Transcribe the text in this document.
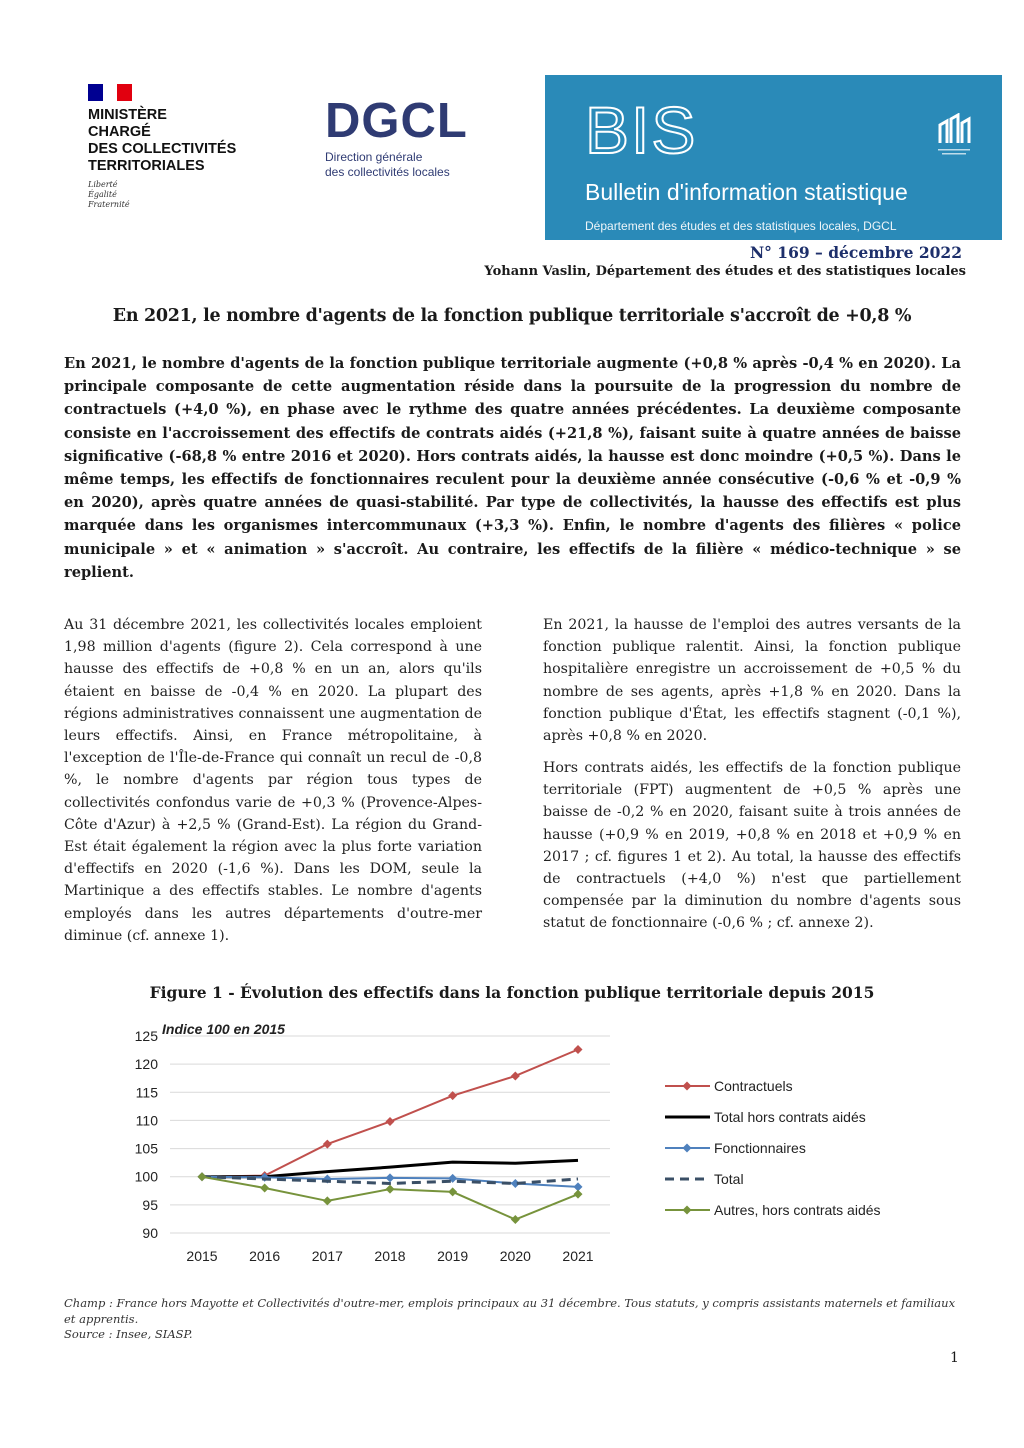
MINISTÈRE
CHARGÉ
DES COLLECTIVITÉS
TERRITORIALES
Liberté
Égalité
Fraternité
DGCL
Direction générale
des collectivités locales
BIS
Bulletin d'information statistique
Département des études et des statistiques locales, DGCL
N° 169 – décembre 2022
Yohann Vaslin, Département des études et des statistiques locales
En 2021, le nombre d'agents de la fonction publique territoriale s'accroît de +0,8 %

En 2021, le nombre d'agents de la fonction publique territoriale augmente (+0,8 % après -0,4 % en 2020). La principale composante de cette augmentation réside dans la poursuite de la progression du nombre de contractuels (+4,0 %), en phase avec le rythme des quatre années précédentes. La deuxième composante consiste en l'accroissement des effectifs de contrats aidés (+21,8 %), faisant suite à quatre années de baisse significative (-68,8 % entre 2016 et 2020). Hors contrats aidés, la hausse est donc moindre (+0,5 %). Dans le même temps, les effectifs de fonctionnaires reculent pour la deuxième année consécutive (-0,6 % et -0,9 % en 2020), après quatre années de quasi-stabilité. Par type de collectivités, la hausse des effectifs est plus marquée dans les organismes intercommunaux (+3,3 %). Enfin, le nombre d'agents des filières « police municipale » et « animation » s'accroît. Au contraire, les effectifs de la filière « médico-technique » se replient.

Au 31 décembre 2021, les collectivités locales emploient 1,98 million d'agents (figure 2). Cela correspond à une hausse des effectifs de +0,8 % en un an, alors qu'ils étaient en baisse de -0,4 % en 2020. La plupart des régions administratives connaissent une augmentation de leurs effectifs. Ainsi, en France métropolitaine, à l'exception de l'Île-de-France qui connaît un recul de -0,8 %, le nombre d'agents par région tous types de collectivités confondus varie de +0,3 % (Provence-Alpes-Côte d'Azur) à +2,5 % (Grand-Est). La région du Grand-Est était également la région avec la plus forte variation d'effectifs en 2020 (-1,6 %). Dans les DOM, seule la Martinique a des effectifs stables. Le nombre d'agents employés dans les autres départements d'outre-mer diminue (cf. annexe 1).

En 2021, la hausse de l'emploi des autres versants de la fonction publique ralentit. Ainsi, la fonction publique hospitalière enregistre un accroissement de +0,5 % du nombre de ses agents, après +1,8 % en 2020. Dans la fonction publique d'État, les effectifs stagnent (-0,1 %), après +0,8 % en 2020.

Hors contrats aidés, les effectifs de la fonction publique territoriale (FPT) augmentent de +0,5 % après une baisse de -0,2 % en 2020, faisant suite à trois années de hausse (+0,9 % en 2019, +0,8 % en 2018 et +0,9 % en 2017 ; cf. figures 1 et 2). Au total, la hausse des effectifs de contractuels (+4,0 %) n'est que partiellement compensée par la diminution du nombre d'agents sous statut de fonctionnaire (-0,6 % ; cf. annexe 2).

Figure 1 - Évolution des effectifs dans la fonction publique territoriale depuis 2015
90
95
100
105
110
115
120
125
2015 2016 2017 2018 2019 2020 2021
Indice 100 en 2015
Contractuels
Total hors contrats aidés
Fonctionnaires
Total
Autres, hors contrats aidés
Champ : France hors Mayotte et Collectivités d'outre-mer, emplois principaux au 31 décembre. Tous statuts, y compris assistants maternels et familiaux et apprentis.
Source : Insee, SIASP.
1
